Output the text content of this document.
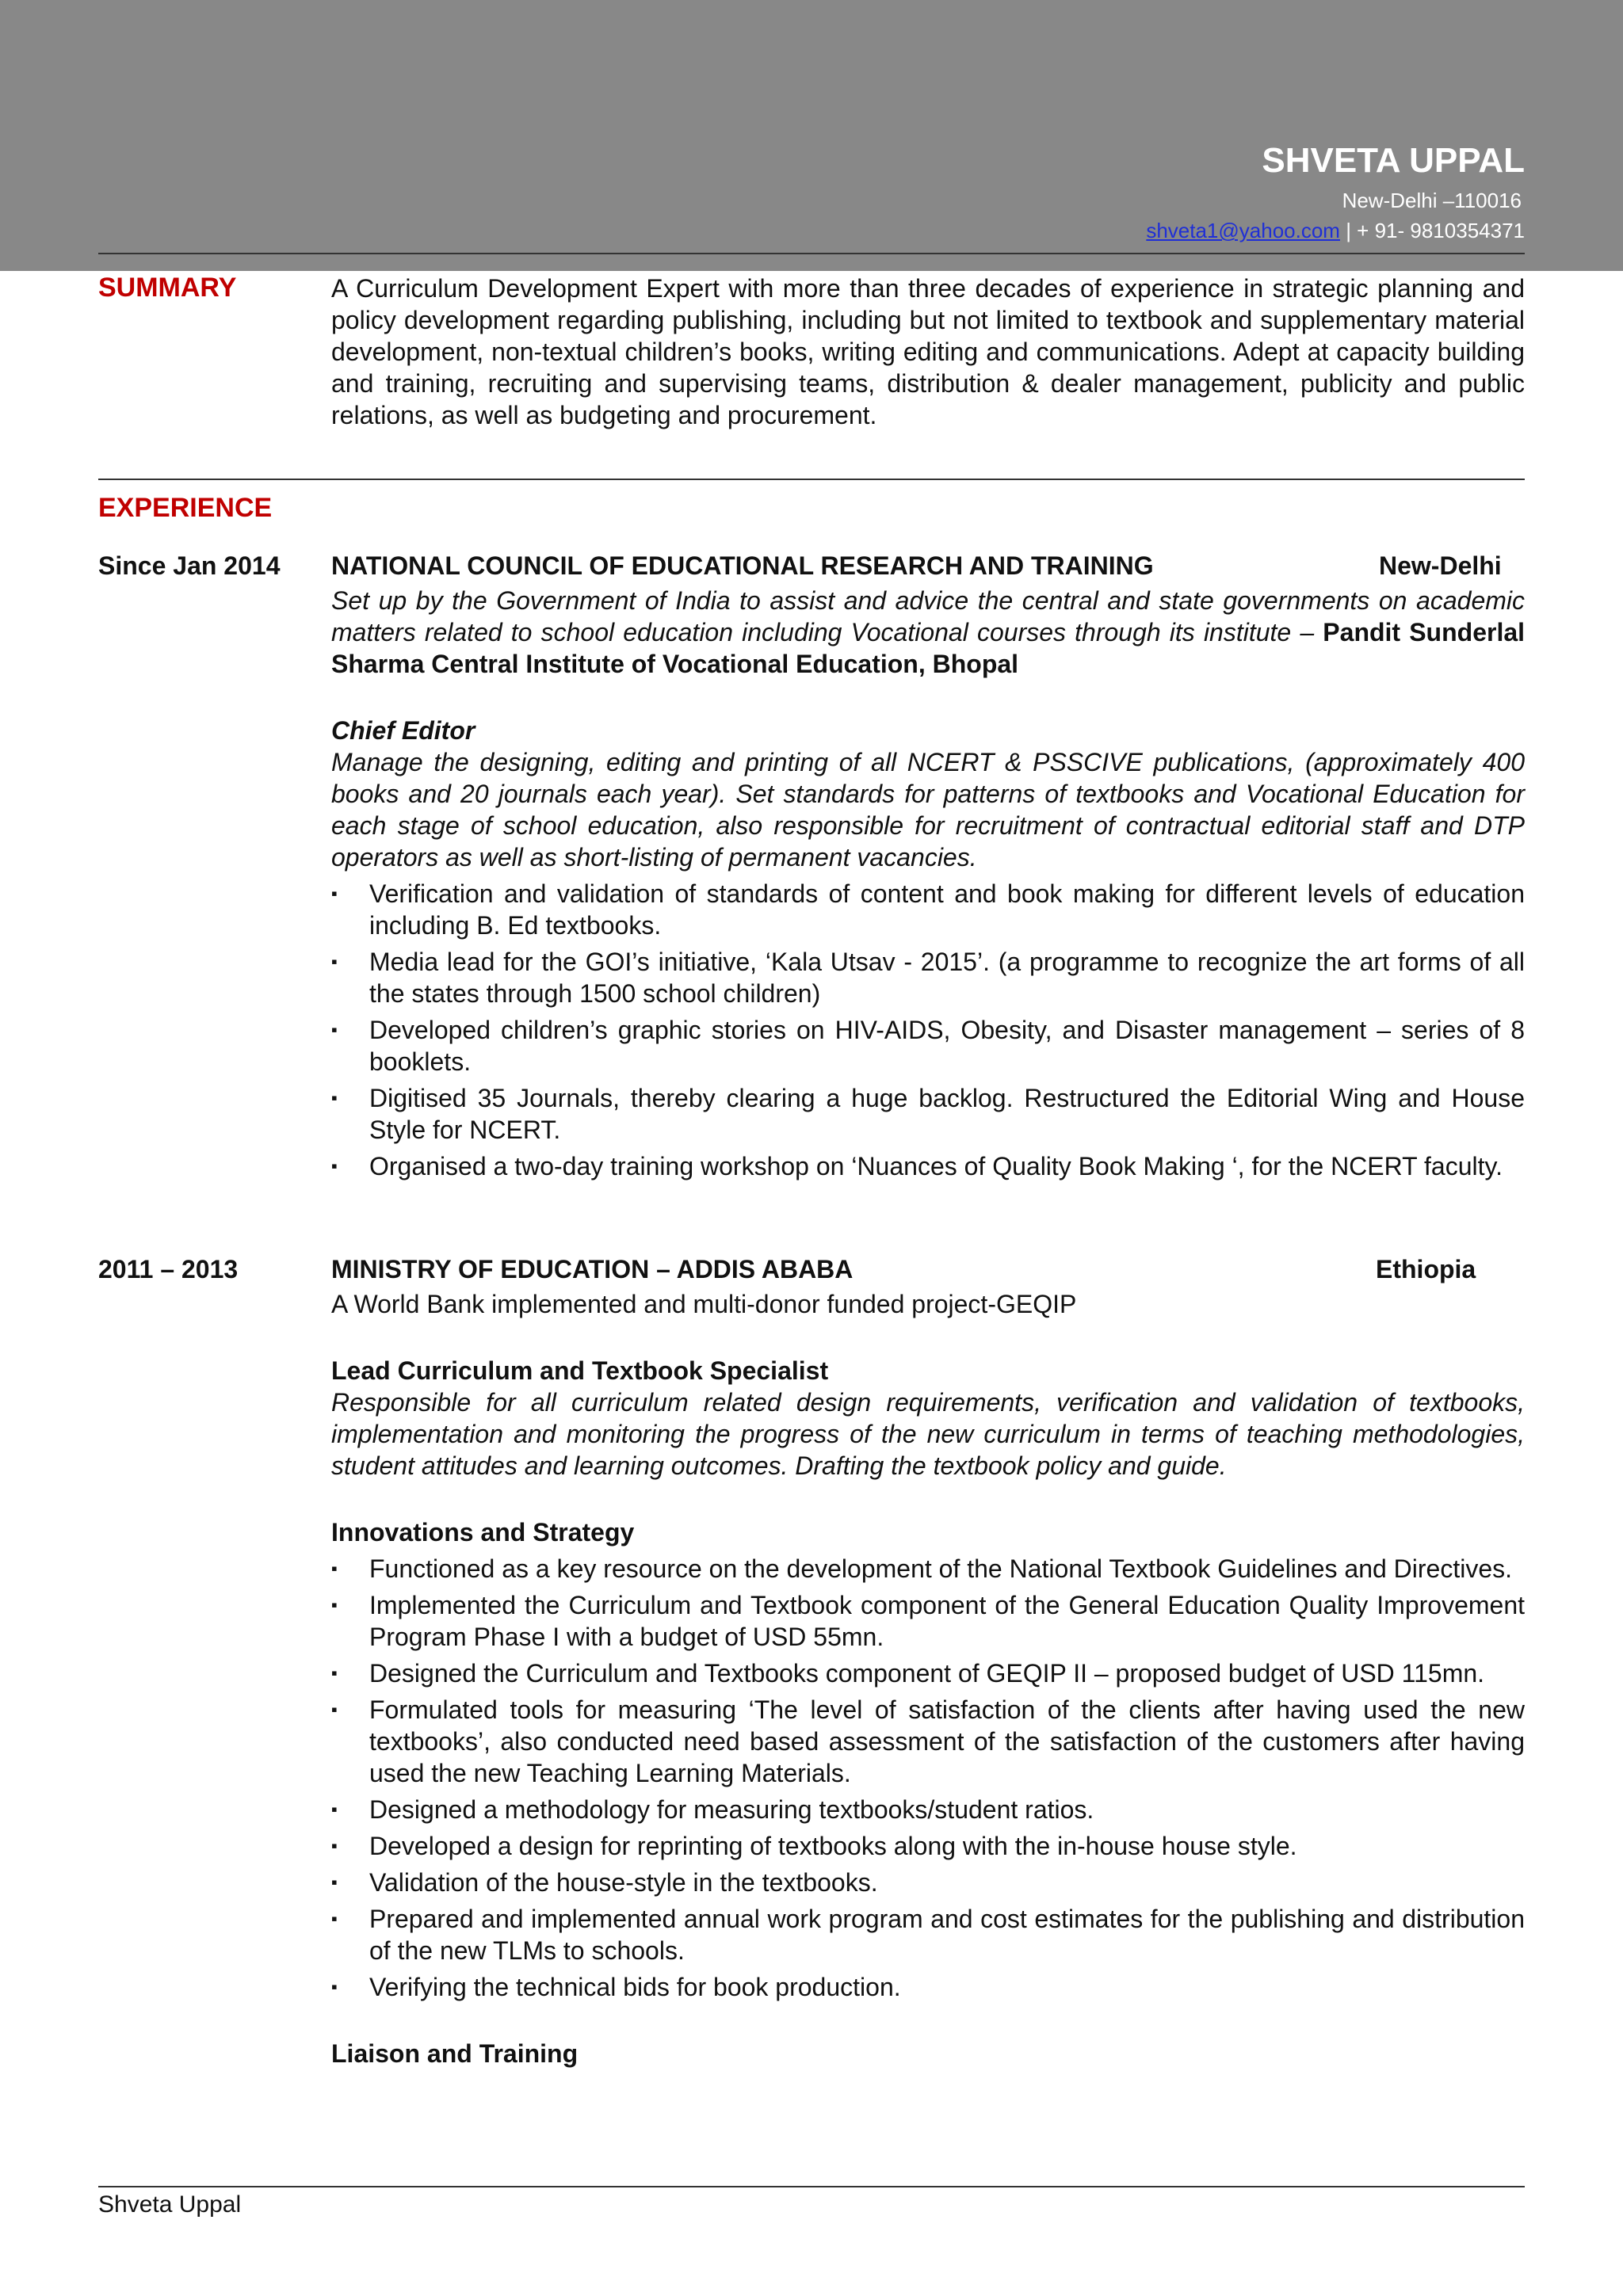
SHVETA UPPAL
New-Delhi –110016
shveta1@yahoo.com | + 91- 9810354371
SUMMARY	A Curriculum Development Expert with more than three decades of experience in strategic planning and policy development regarding publishing, including but not limited to textbook and supplementary material development, non-textual children’s books, writing editing and communications. Adept at capacity building and training, recruiting and supervising teams, distribution & dealer management, publicity and public relations, as well as budgeting and procurement.
EXPERIENCE
Since Jan 2014 NATIONAL COUNCIL OF EDUCATIONAL RESEARCH AND TRAINING	New-Delhi
Set up by the Government of India to assist and advice the central and state governments on academic matters related to school education including Vocational courses through its institute – Pandit Sunderlal Sharma Central Institute of Vocational Education, Bhopal
Chief Editor
Manage the designing, editing and printing of all NCERT & PSSCIVE publications, (approximately 400 books and 20 journals each year). Set standards for patterns of textbooks and Vocational Education for each stage of school education, also responsible for recruitment of contractual editorial staff and DTP operators as well as short-listing of permanent vacancies.
▪	Verification and validation of standards of content and book making for different levels of education including B. Ed textbooks.
▪	Media lead for the GOI’s initiative, ‘Kala Utsav - 2015’. (a programme to recognize the art forms of all the states through 1500 school children)
▪	Developed children’s graphic stories on HIV-AIDS, Obesity, and Disaster management – series of 8 booklets.
▪	Digitised 35 Journals, thereby clearing a huge backlog. Restructured the Editorial Wing and House Style for NCERT.
▪	Organised a two-day training workshop on ‘Nuances of Quality Book Making ‘, for the NCERT faculty.
2011 – 2013	MINISTRY OF EDUCATION – ADDIS ABABA	Ethiopia
A World Bank implemented and multi-donor funded project-GEQIP
Lead Curriculum and Textbook Specialist
Responsible for all curriculum related design requirements, verification and validation of textbooks, implementation and monitoring the progress of the new curriculum in terms of teaching methodologies, student attitudes and learning outcomes. Drafting the textbook policy and guide.
Innovations and Strategy
▪	Functioned as a key resource on the development of the National Textbook Guidelines and Directives.
▪	Implemented the Curriculum and Textbook component of the General Education Quality Improvement Program Phase I with a budget of USD 55mn.
▪	Designed the Curriculum and Textbooks component of GEQIP II – proposed budget of USD 115mn.
▪	Formulated tools for measuring ‘The level of satisfaction of the clients after having used the new textbooks’, also conducted need based assessment of the satisfaction of the customers after having used the new Teaching Learning Materials.
▪	Designed a methodology for measuring textbooks/student ratios.
▪	Developed a design for reprinting of textbooks along with the in-house house style.
▪	Validation of the house-style in the textbooks.
▪	Prepared and implemented annual work program and cost estimates for the publishing and distribution of the new TLMs to schools.
▪	Verifying the technical bids for book production.
Liaison and Training
Shveta Uppal
